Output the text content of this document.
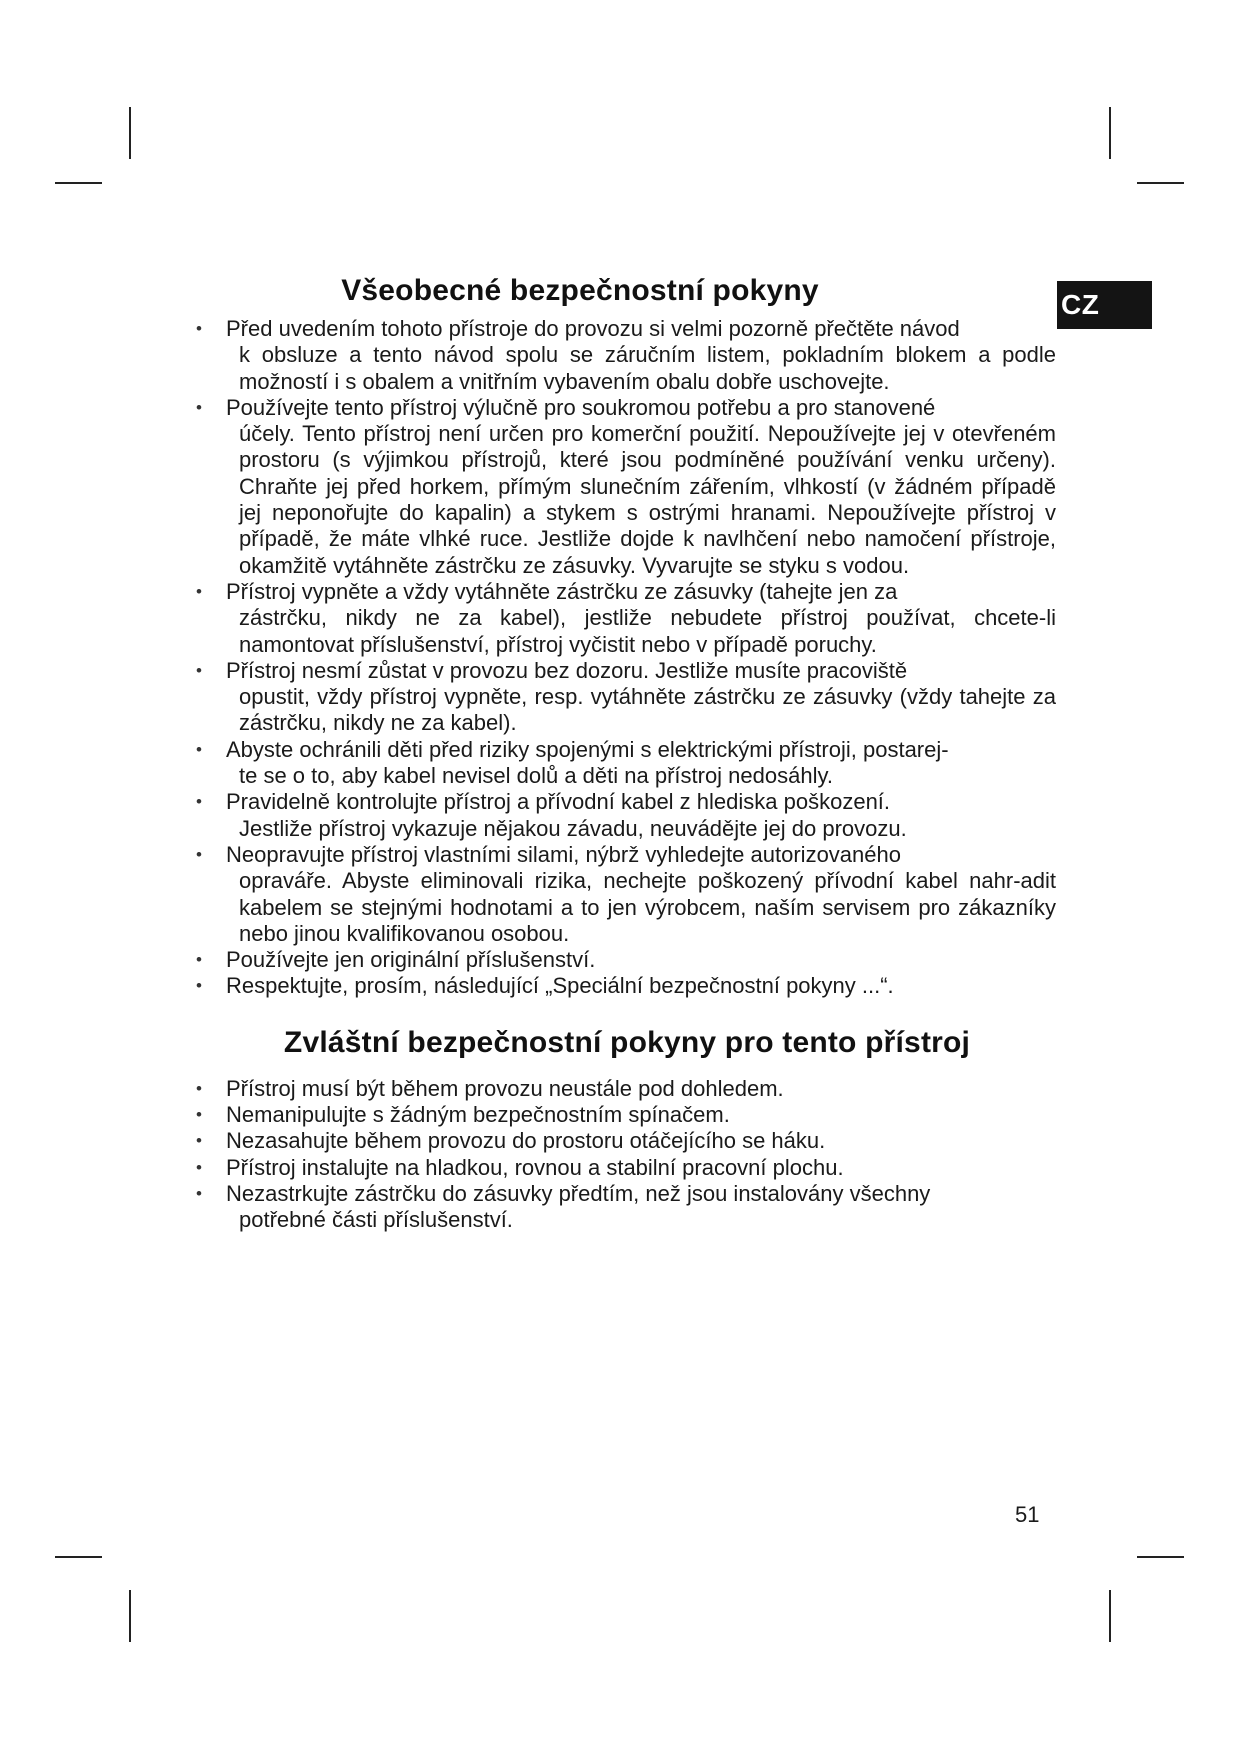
CZ
Všeobecné bezpečnostní pokyny
• Před uvedením tohoto přístroje do provozu si velmi pozorně přečtěte návod
k obsluze a tento návod spolu se záručním listem, pokladním blokem a podle možností i s obalem a vnitřním vybavením obalu dobře uschovejte.
• Používejte tento přístroj výlučně pro soukromou potřebu a pro stanovené
účely. Tento přístroj není určen pro komerční použití. Nepoužívejte jej v otevřeném prostoru (s výjimkou přístrojů, které jsou podmíněné používání venku určeny). Chraňte jej před horkem, přímým slunečním zářením, vlhkostí (v žádném případě jej neponořujte do kapalin) a stykem s ostrými hranami. Nepoužívejte přístroj v případě, že máte vlhké ruce. Jestliže dojde k navlhčení nebo namočení přístroje, okamžitě vytáhněte zástrčku ze zásuvky. Vyvarujte se styku s vodou.
• Přístroj vypněte a vždy vytáhněte zástrčku ze zásuvky (tahejte jen za
zástrčku, nikdy ne za kabel), jestliže nebudete přístroj používat, chcete-li namontovat příslušenství, přístroj vyčistit nebo v případě poruchy.
• Přístroj nesmí zůstat v provozu bez dozoru. Jestliže musíte pracoviště
opustit, vždy přístroj vypněte, resp. vytáhněte zástrčku ze zásuvky (vždy tahejte za zástrčku, nikdy ne za kabel).
• Abyste ochránili děti před riziky spojenými s elektrickými přístroji, postarej-
te se o to, aby kabel nevisel dolů a děti na přístroj nedosáhly.
• Pravidelně kontrolujte přístroj a přívodní kabel z hlediska poškození.
Jestliže přístroj vykazuje nějakou závadu, neuvádějte jej do provozu.
• Neopravujte přístroj vlastními silami, nýbrž vyhledejte autorizovaného
opraváře. Abyste eliminovali rizika, nechejte poškozený přívodní kabel nahr-adit kabelem se stejnými hodnotami a to jen výrobcem, naším servisem pro zákazníky nebo jinou kvalifikovanou osobou.
• Používejte jen originální příslušenství.
• Respektujte, prosím, následující „Speciální bezpečnostní pokyny ...“.
Zvláštní bezpečnostní pokyny pro tento přístroj
• Přístroj musí být během provozu neustále pod dohledem.
• Nemanipulujte s žádným bezpečnostním spínačem.
• Nezasahujte během provozu do prostoru otáčejícího se háku.
• Přístroj instalujte na hladkou, rovnou a stabilní pracovní plochu.
• Nezastrkujte zástrčku do zásuvky předtím, než jsou instalovány všechny
potřebné části příslušenství.
51
